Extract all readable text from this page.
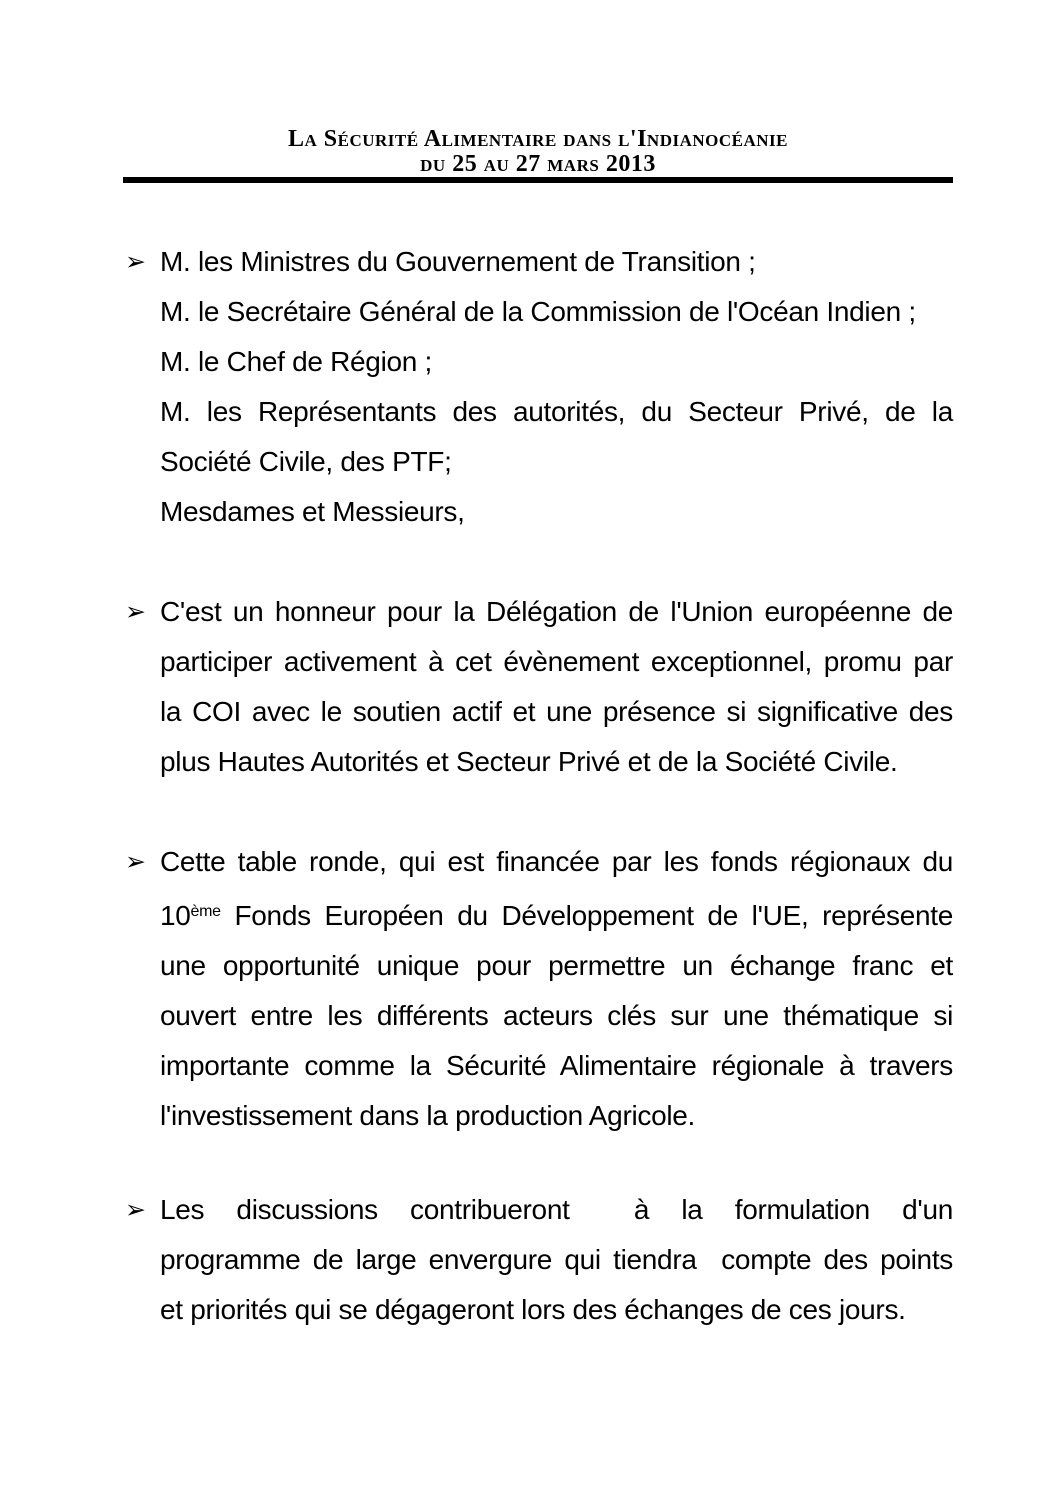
La Sécurité Alimentaire dans l'Indianocéanie
du 25 au 27 mars 2013
➢ M. les Ministres du Gouvernement de Transition ;

M. le Secrétaire Général de la Commission de l'Océan Indien ;

M. le Chef de Région ;

M. les Représentants des autorités, du Secteur Privé, de la

Société Civile, des PTF;

Mesdames et Messieurs,

➢ C'est un honneur pour la Délégation de l'Union européenne de

participer activement à cet évènement exceptionnel, promu par

la COI avec le soutien actif et une présence si significative des

plus Hautes Autorités et Secteur Privé et de la Société Civile.

➢ Cette table ronde, qui est financée par les fonds régionaux du

10ème Fonds Européen du Développement de l'UE, représente

une opportunité unique pour permettre un échange franc et

ouvert entre les différents acteurs clés sur une thématique si

importante comme la Sécurité Alimentaire régionale à travers

l'investissement dans la production Agricole.

➢ Les discussions contribueront  à la formulation d'un

programme de large envergure qui tiendra  compte des points

et priorités qui se dégageront lors des échanges de ces jours.
